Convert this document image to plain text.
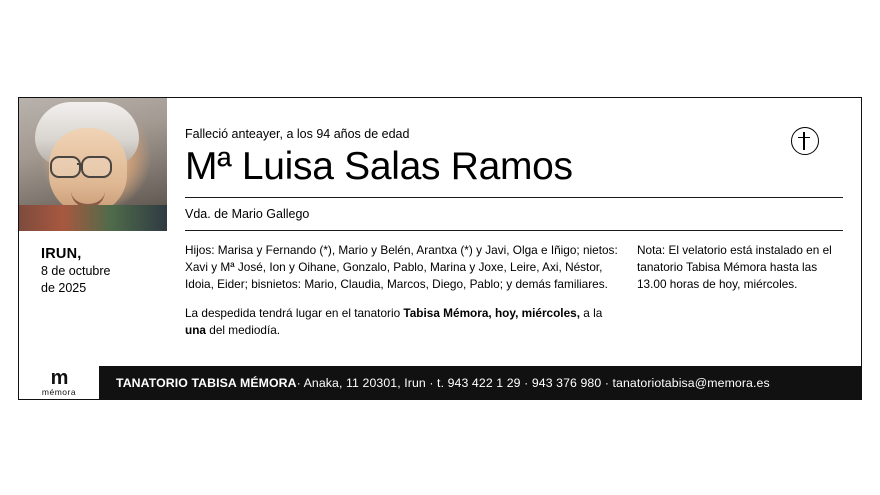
IRUN,
8 de octubre
de 2025
Falleció anteayer, a los 94 años de edad
Mª Luisa Salas Ramos
Vda. de Mario Gallego

Hijos: Marisa y Fernando (*), Mario y Belén, Arantxa (*) y Javi, Olga e Iñigo; nietos: Xavi y Mª José, Ion y Oihane, Gonzalo, Pablo, Marina y Joxe, Leire, Axi, Néstor, Idoia, Eider; bisnietos: Mario, Claudia, Marcos, Diego, Pablo; y demás familiares.

La despedida tendrá lugar en el tanatorio Tabisa Mémora, hoy, miércoles, a la una del mediodía.

Nota: El velatorio está instalado en el tanatorio Tabisa Mémora hasta las 13.00 horas de hoy, miércoles.

m
mémora
TANATORIO TABISA MÉMORA · Anaka, 11 20301, Irun · t. 943 422 1 29 · 943 376 980 · tanatoriotabisa@memora.es
